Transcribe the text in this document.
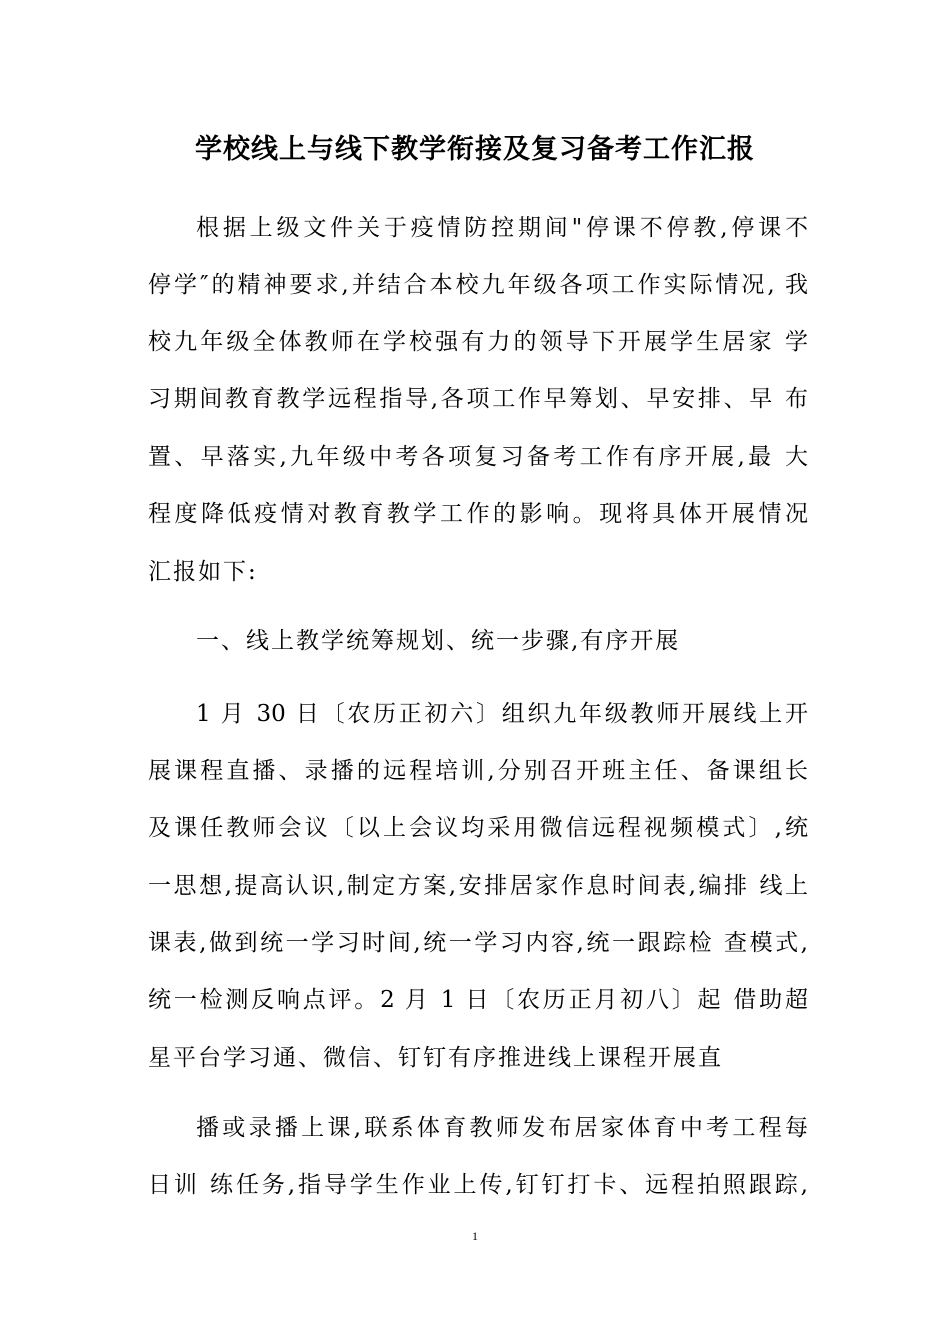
学校线上与线下教学衔接及复习备考工作汇报
根据上级文件关于疫情防控期间"停课不停教,停课不
停学″的精神要求,并结合本校九年级各项工作实际情况, 我
校九年级全体教师在学校强有力的领导下开展学生居家 学
习期间教育教学远程指导,各项工作早筹划、早安排、早 布
置、早落实,九年级中考各项复习备考工作有序开展,最 大
程度降低疫情对教育教学工作的影响。现将具体开展情况
汇报如下:
一、线上教学统筹规划、统一步骤,有序开展
1 月 30 日〔农历正初六〕组织九年级教师开展线上开
展课程直播、录播的远程培训,分别召开班主任、备课组长
及课任教师会议〔以上会议均采用微信远程视频模式〕,统
一思想,提高认识,制定方案,安排居家作息时间表,编排 线上
课表,做到统一学习时间,统一学习内容,统一跟踪检 查模式,
统一检测反响点评。2 月 1 日〔农历正月初八〕起 借助超
星平台学习通、微信、钉钉有序推进线上课程开展直
播或录播上课,联系体育教师发布居家体育中考工程每
日训 练任务,指导学生作业上传,钉钉打卡、远程拍照跟踪,
1
